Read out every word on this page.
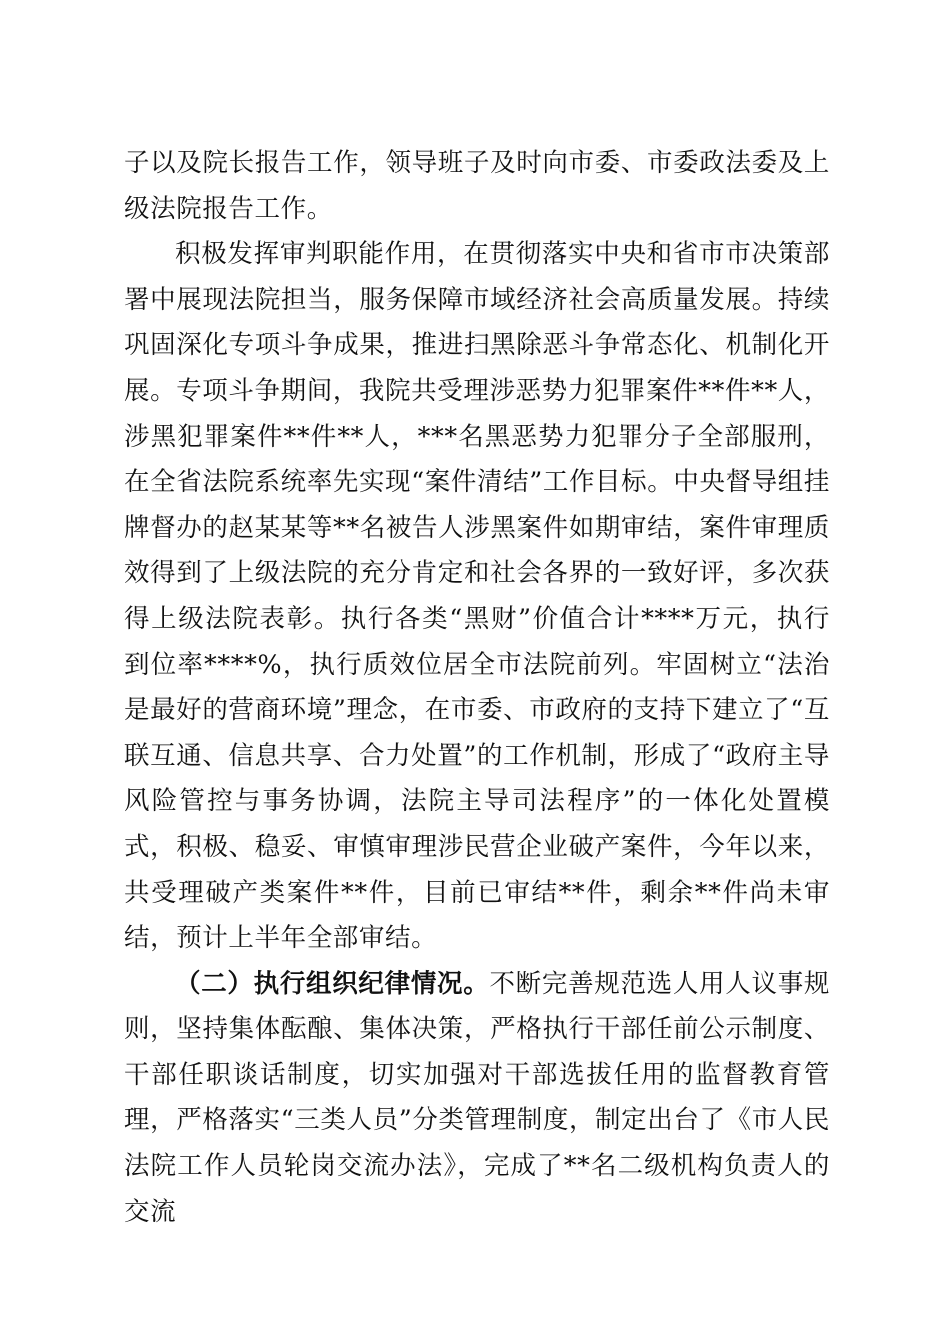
子以及院长报告工作，领导班子及时向市委、市委政法委及上级法院报告工作。

积极发挥审判职能作用，在贯彻落实中央和省市市决策部署中展现法院担当，服务保障市域经济社会高质量发展。持续巩固深化专项斗争成果，推进扫黑除恶斗争常态化、机制化开展。专项斗争期间，我院共受理涉恶势力犯罪案件**件**人，涉黑犯罪案件**件**人，***名黑恶势力犯罪分子全部服刑，在全省法院系统率先实现“案件清结”工作目标。中央督导组挂牌督办的赵某某等**名被告人涉黑案件如期审结，案件审理质效得到了上级法院的充分肯定和社会各界的一致好评，多次获得上级法院表彰。执行各类“黑财”价值合计****万元，执行到位率****%，执行质效位居全市法院前列。牢固树立“法治是最好的营商环境”理念，在市委、市政府的支持下建立了“互联互通、信息共享、合力处置”的工作机制，形成了“政府主导风险管控与事务协调，法院主导司法程序”的一体化处置模式，积极、稳妥、审慎审理涉民营企业破产案件，今年以来，共受理破产类案件**件，目前已审结**件，剩余**件尚未审结，预计上半年全部审结。

（二）执行组织纪律情况。不断完善规范选人用人议事规则，坚持集体酝酿、集体决策，严格执行干部任前公示制度、干部任职谈话制度，切实加强对干部选拔任用的监督教育管理，严格落实“三类人员”分类管理制度，制定出台了《市人民法院工作人员轮岗交流办法》，完成了**名二级机构负责人的交流
